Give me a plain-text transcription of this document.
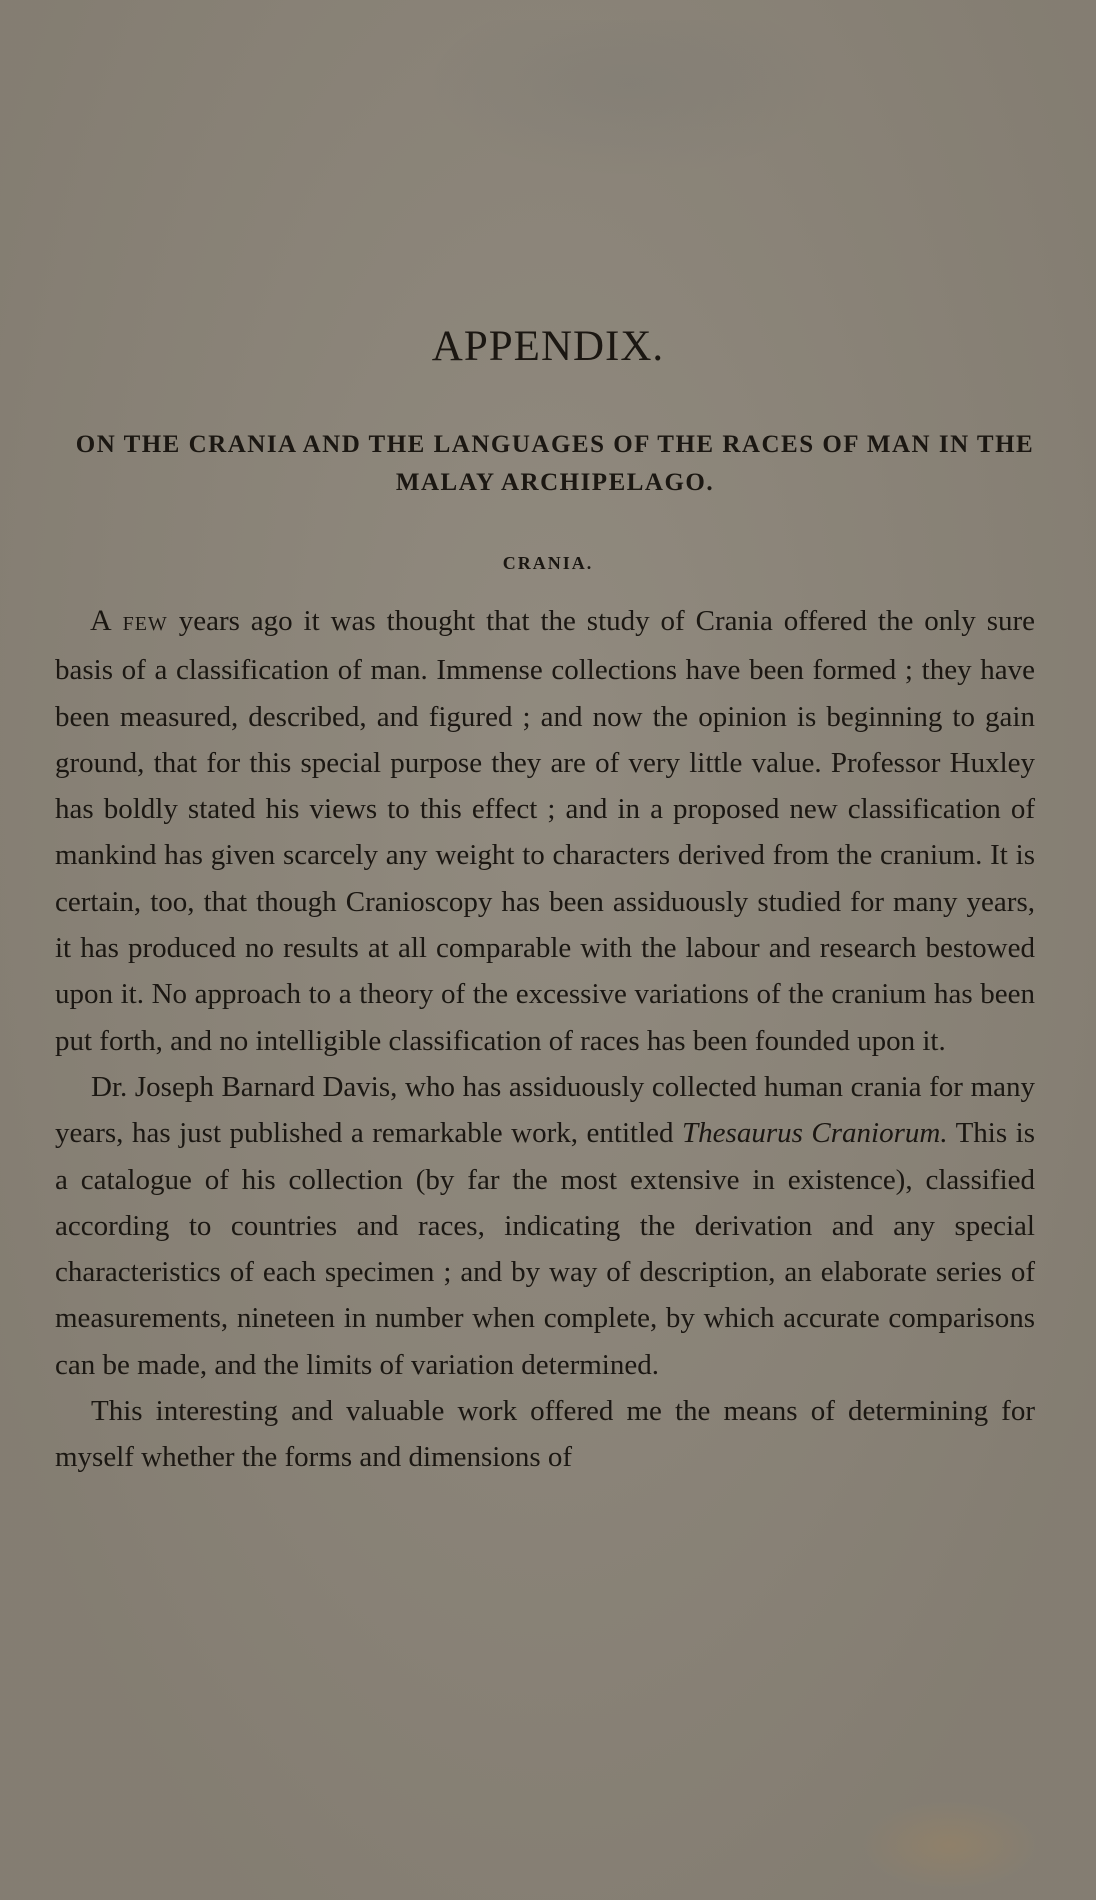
APPENDIX.
ON THE CRANIA AND THE LANGUAGES OF THE RACES OF MAN IN THE MALAY ARCHIPELAGO.
CRANIA.

A FEW years ago it was thought that the study of Crania offered the only sure basis of a classification of man. Immense collections have been formed ; they have been measured, described, and figured ; and now the opinion is beginning to gain ground, that for this special purpose they are of very little value. Professor Huxley has boldly stated his views to this effect ; and in a proposed new classification of mankind has given scarcely any weight to characters derived from the cranium. It is certain, too, that though Cranioscopy has been assiduously studied for many years, it has produced no results at all comparable with the labour and research bestowed upon it. No approach to a theory of the excessive variations of the cranium has been put forth, and no intelligible classification of races has been founded upon it.

Dr. Joseph Barnard Davis, who has assiduously collected human crania for many years, has just published a remarkable work, entitled Thesaurus Craniorum. This is a catalogue of his collection (by far the most extensive in existence), classified according to countries and races, indicating the derivation and any special characteristics of each specimen ; and by way of description, an elaborate series of measurements, nineteen in number when complete, by which accurate comparisons can be made, and the limits of variation determined.

This interesting and valuable work offered me the means of determining for myself whether the forms and dimensions of
